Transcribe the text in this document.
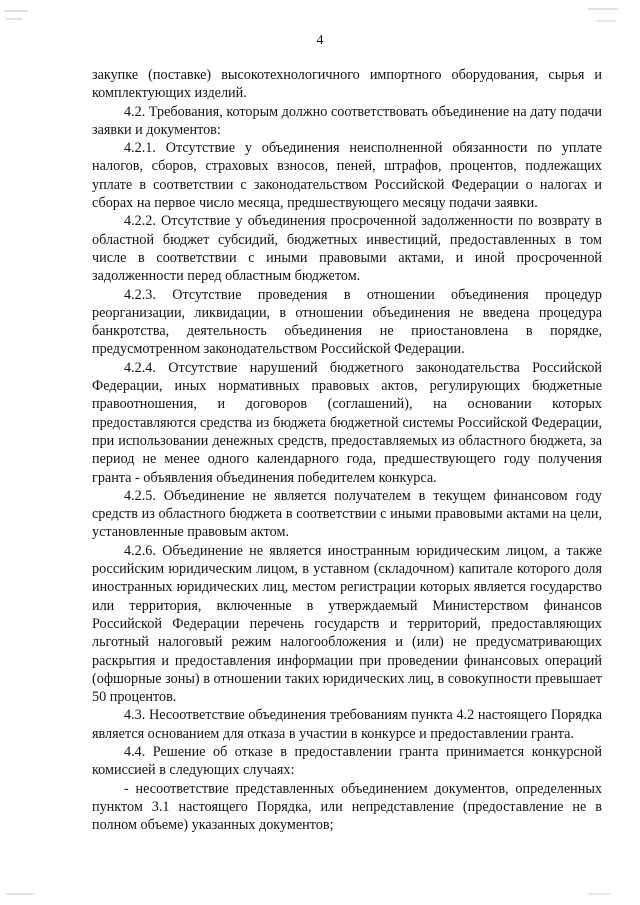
4

закупке (поставке) высокотехнологичного импортного оборудования, сырья и комплектующих изделий.

4.2. Требования, которым должно соответствовать объединение на дату подачи заявки и документов:

4.2.1. Отсутствие у объединения неисполненной обязанности по уплате налогов, сборов, страховых взносов, пеней, штрафов, процентов, подлежащих уплате в соответствии с законодательством Российской Федерации о налогах и сборах на первое число месяца, предшествующего месяцу подачи заявки.

4.2.2. Отсутствие у объединения просроченной задолженности по возврату в областной бюджет субсидий, бюджетных инвестиций, предоставленных в том числе в соответствии с иными правовыми актами, и иной просроченной задолженности перед областным бюджетом.

4.2.3. Отсутствие проведения в отношении объединения процедур реорганизации, ликвидации, в отношении объединения не введена процедура банкротства, деятельность объединения не приостановлена в порядке, предусмотренном законодательством Российской Федерации.

4.2.4. Отсутствие нарушений бюджетного законодательства Российской Федерации, иных нормативных правовых актов, регулирующих бюджетные правоотношения, и договоров (соглашений), на основании которых предоставляются средства из бюджета бюджетной системы Российской Федерации, при использовании денежных средств, предоставляемых из областного бюджета, за период не менее одного календарного года, предшествующего году получения гранта - объявления объединения победителем конкурса.

4.2.5. Объединение не является получателем в текущем финансовом году средств из областного бюджета в соответствии с иными правовыми актами на цели, установленные правовым актом.

4.2.6. Объединение не является иностранным юридическим лицом, а также российским юридическим лицом, в уставном (складочном) капитале которого доля иностранных юридических лиц, местом регистрации которых является государство или территория, включенные в утверждаемый Министерством финансов Российской Федерации перечень государств и территорий, предоставляющих льготный налоговый режим налогообложения и (или) не предусматривающих раскрытия и предоставления информации при проведении финансовых операций (офшорные зоны) в отношении таких юридических лиц, в совокупности превышает 50 процентов.

4.3. Несоответствие объединения требованиям пункта 4.2 настоящего Порядка является основанием для отказа в участии в конкурсе и предоставлении гранта.

4.4. Решение об отказе в предоставлении гранта принимается конкурсной комиссией в следующих случаях:

- несоответствие представленных объединением документов, определенных пунктом 3.1 настоящего Порядка, или непредставление (предоставление не в полном объеме) указанных документов;
